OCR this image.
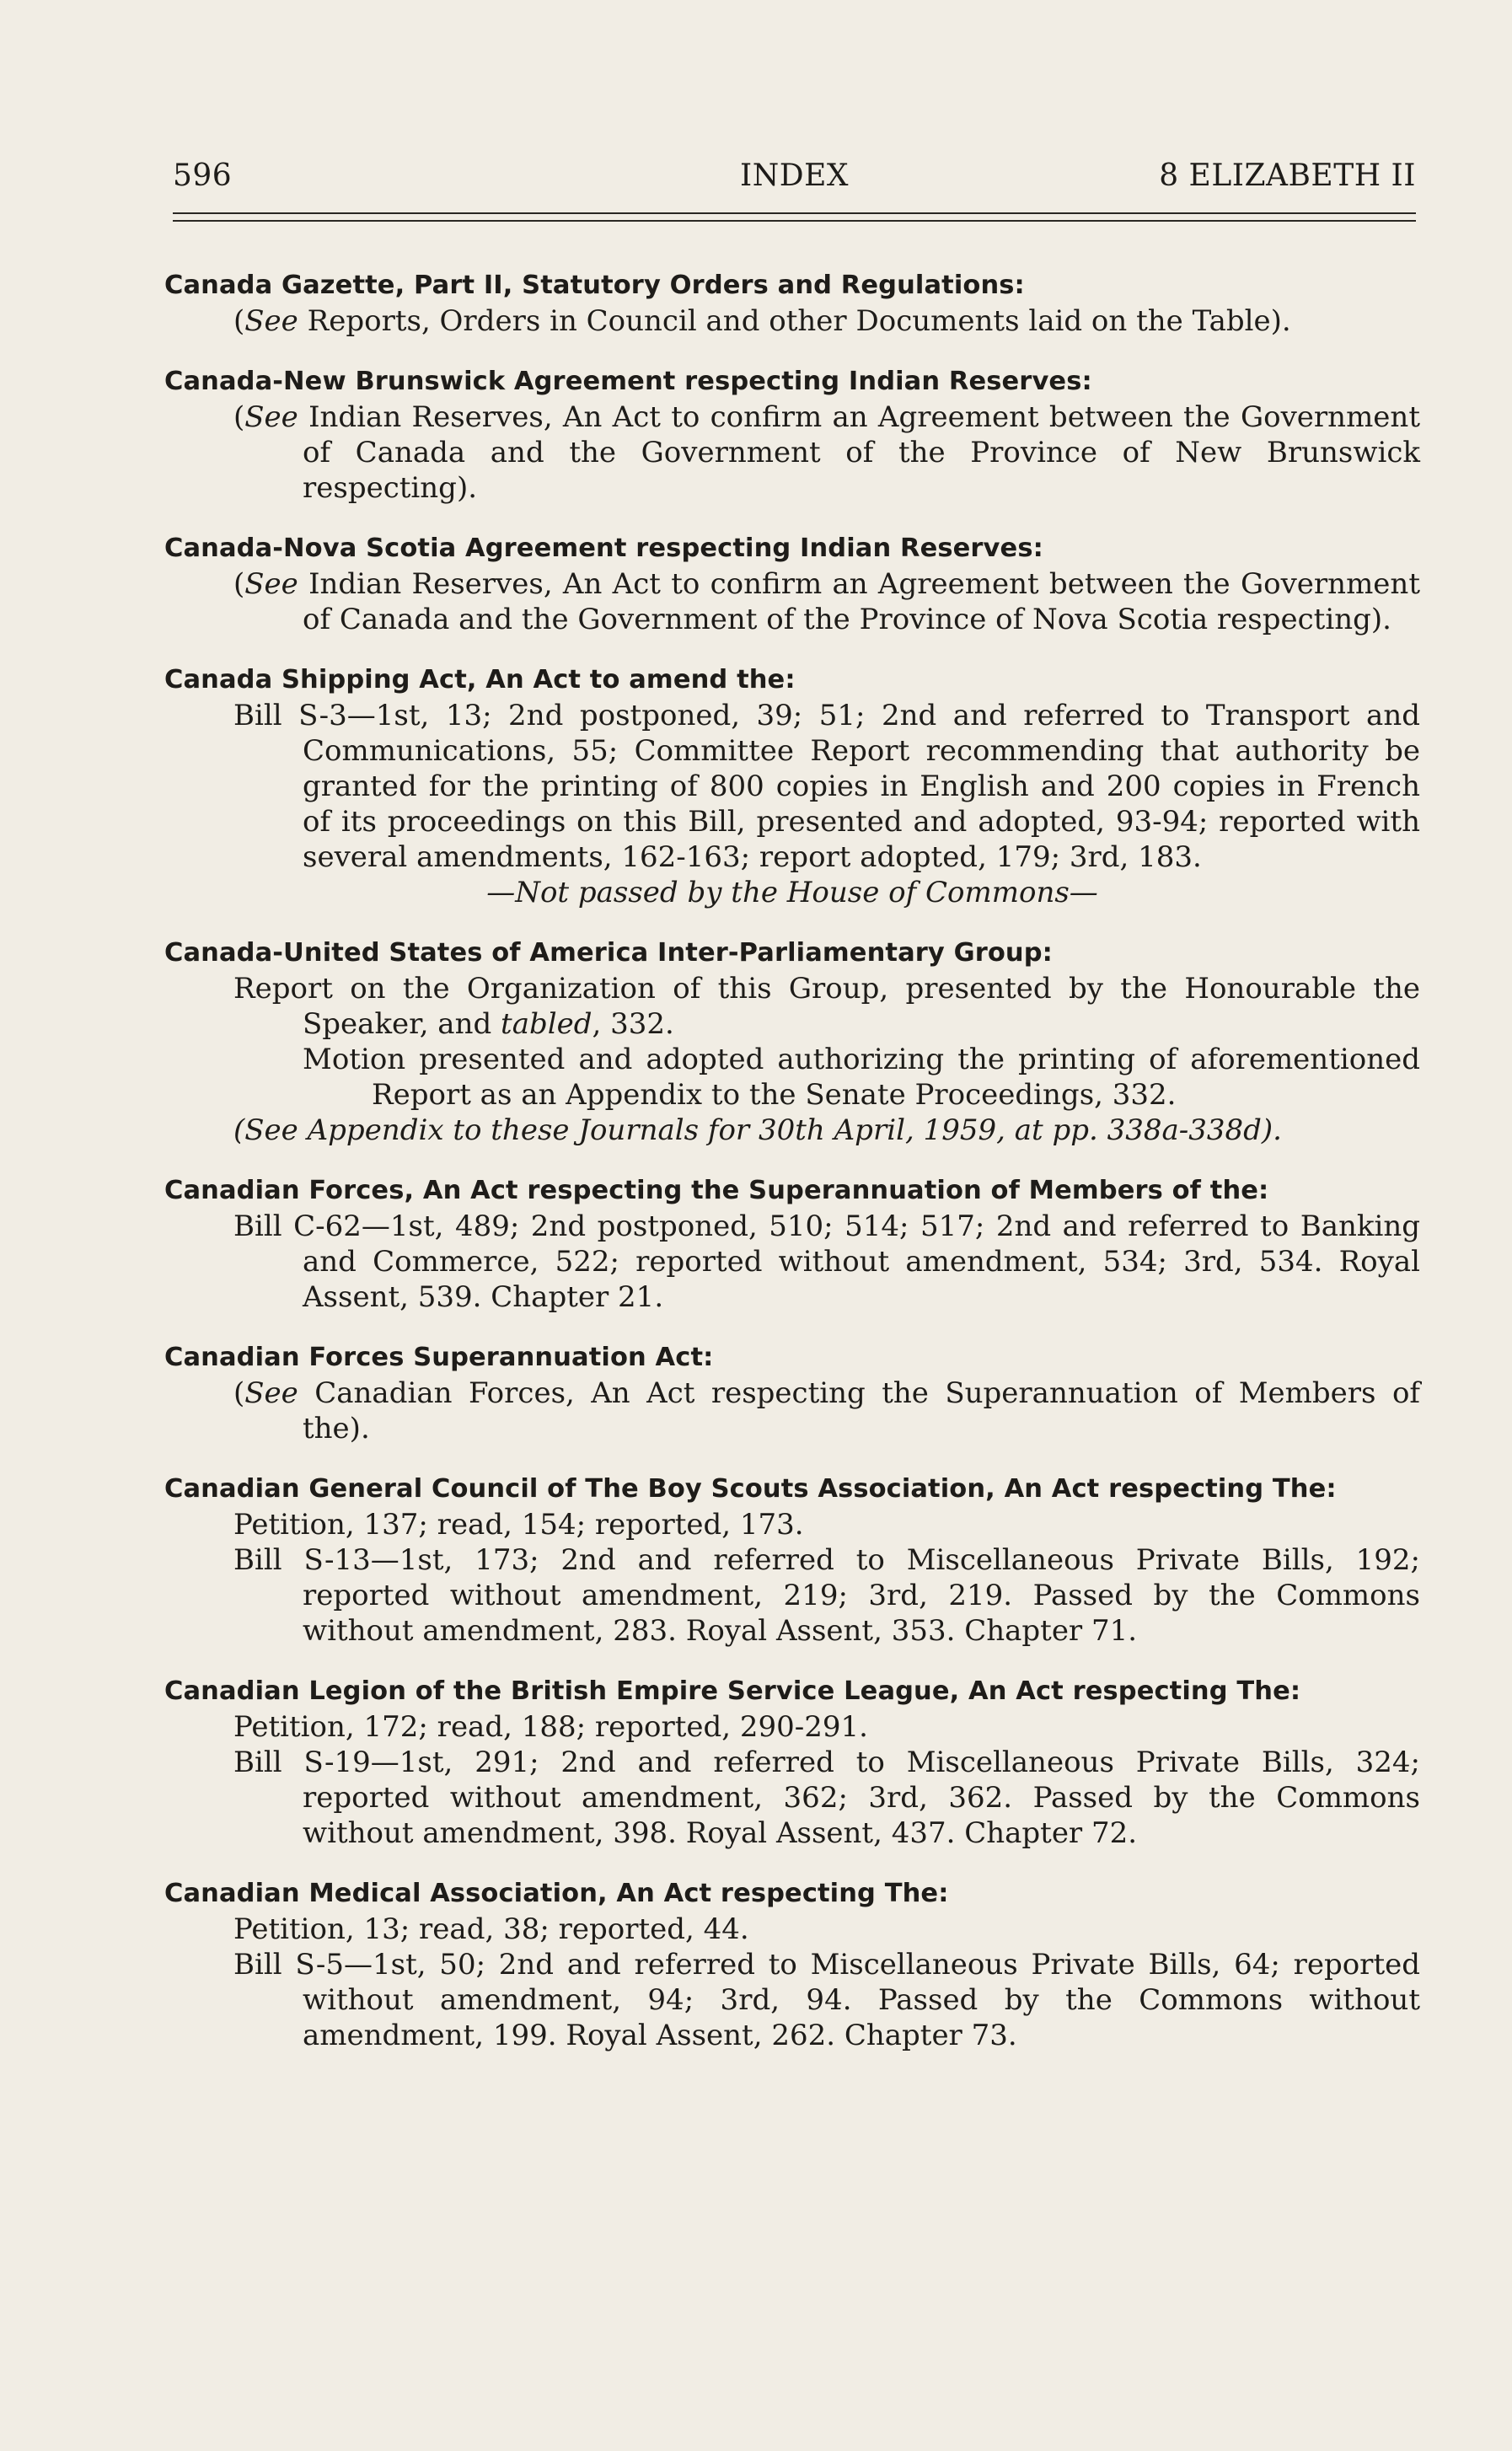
596	INDEX	8 ELIZABETH II
Canada Gazette, Part II, Statutory Orders and Regulations:
(See Reports, Orders in Council and other Documents laid on the Table).
Canada-New Brunswick Agreement respecting Indian Reserves:
(See Indian Reserves, An Act to confirm an Agreement between the Government of Canada and the Government of the Province of New Brunswick respecting).
Canada-Nova Scotia Agreement respecting Indian Reserves:
(See Indian Reserves, An Act to confirm an Agreement between the Government of Canada and the Government of the Province of Nova Scotia respecting).
Canada Shipping Act, An Act to amend the:
Bill S-3—1st, 13; 2nd postponed, 39; 51; 2nd and referred to Transport and Communications, 55; Committee Report recommending that authority be granted for the printing of 800 copies in English and 200 copies in French of its proceedings on this Bill, presented and adopted, 93-94; reported with several amendments, 162-163; report adopted, 179; 3rd, 183.
—Not passed by the House of Commons—
Canada-United States of America Inter-Parliamentary Group:
Report on the Organization of this Group, presented by the Honourable the Speaker, and tabled, 332.
Motion presented and adopted authorizing the printing of aforementioned Report as an Appendix to the Senate Proceedings, 332.
(See Appendix to these Journals for 30th April, 1959, at pp. 338a-338d).
Canadian Forces, An Act respecting the Superannuation of Members of the:
Bill C-62—1st, 489; 2nd postponed, 510; 514; 517; 2nd and referred to Banking and Commerce, 522; reported without amendment, 534; 3rd, 534. Royal Assent, 539. Chapter 21.
Canadian Forces Superannuation Act:
(See Canadian Forces, An Act respecting the Superannuation of Members of the).
Canadian General Council of The Boy Scouts Association, An Act respecting The:
Petition, 137; read, 154; reported, 173.
Bill S-13—1st, 173; 2nd and referred to Miscellaneous Private Bills, 192; reported without amendment, 219; 3rd, 219. Passed by the Commons without amendment, 283. Royal Assent, 353. Chapter 71.
Canadian Legion of the British Empire Service League, An Act respecting The:
Petition, 172; read, 188; reported, 290-291.
Bill S-19—1st, 291; 2nd and referred to Miscellaneous Private Bills, 324; reported without amendment, 362; 3rd, 362. Passed by the Commons without amendment, 398. Royal Assent, 437. Chapter 72.
Canadian Medical Association, An Act respecting The:
Petition, 13; read, 38; reported, 44.
Bill S-5—1st, 50; 2nd and referred to Miscellaneous Private Bills, 64; reported without amendment, 94; 3rd, 94. Passed by the Commons without amendment, 199. Royal Assent, 262. Chapter 73.
